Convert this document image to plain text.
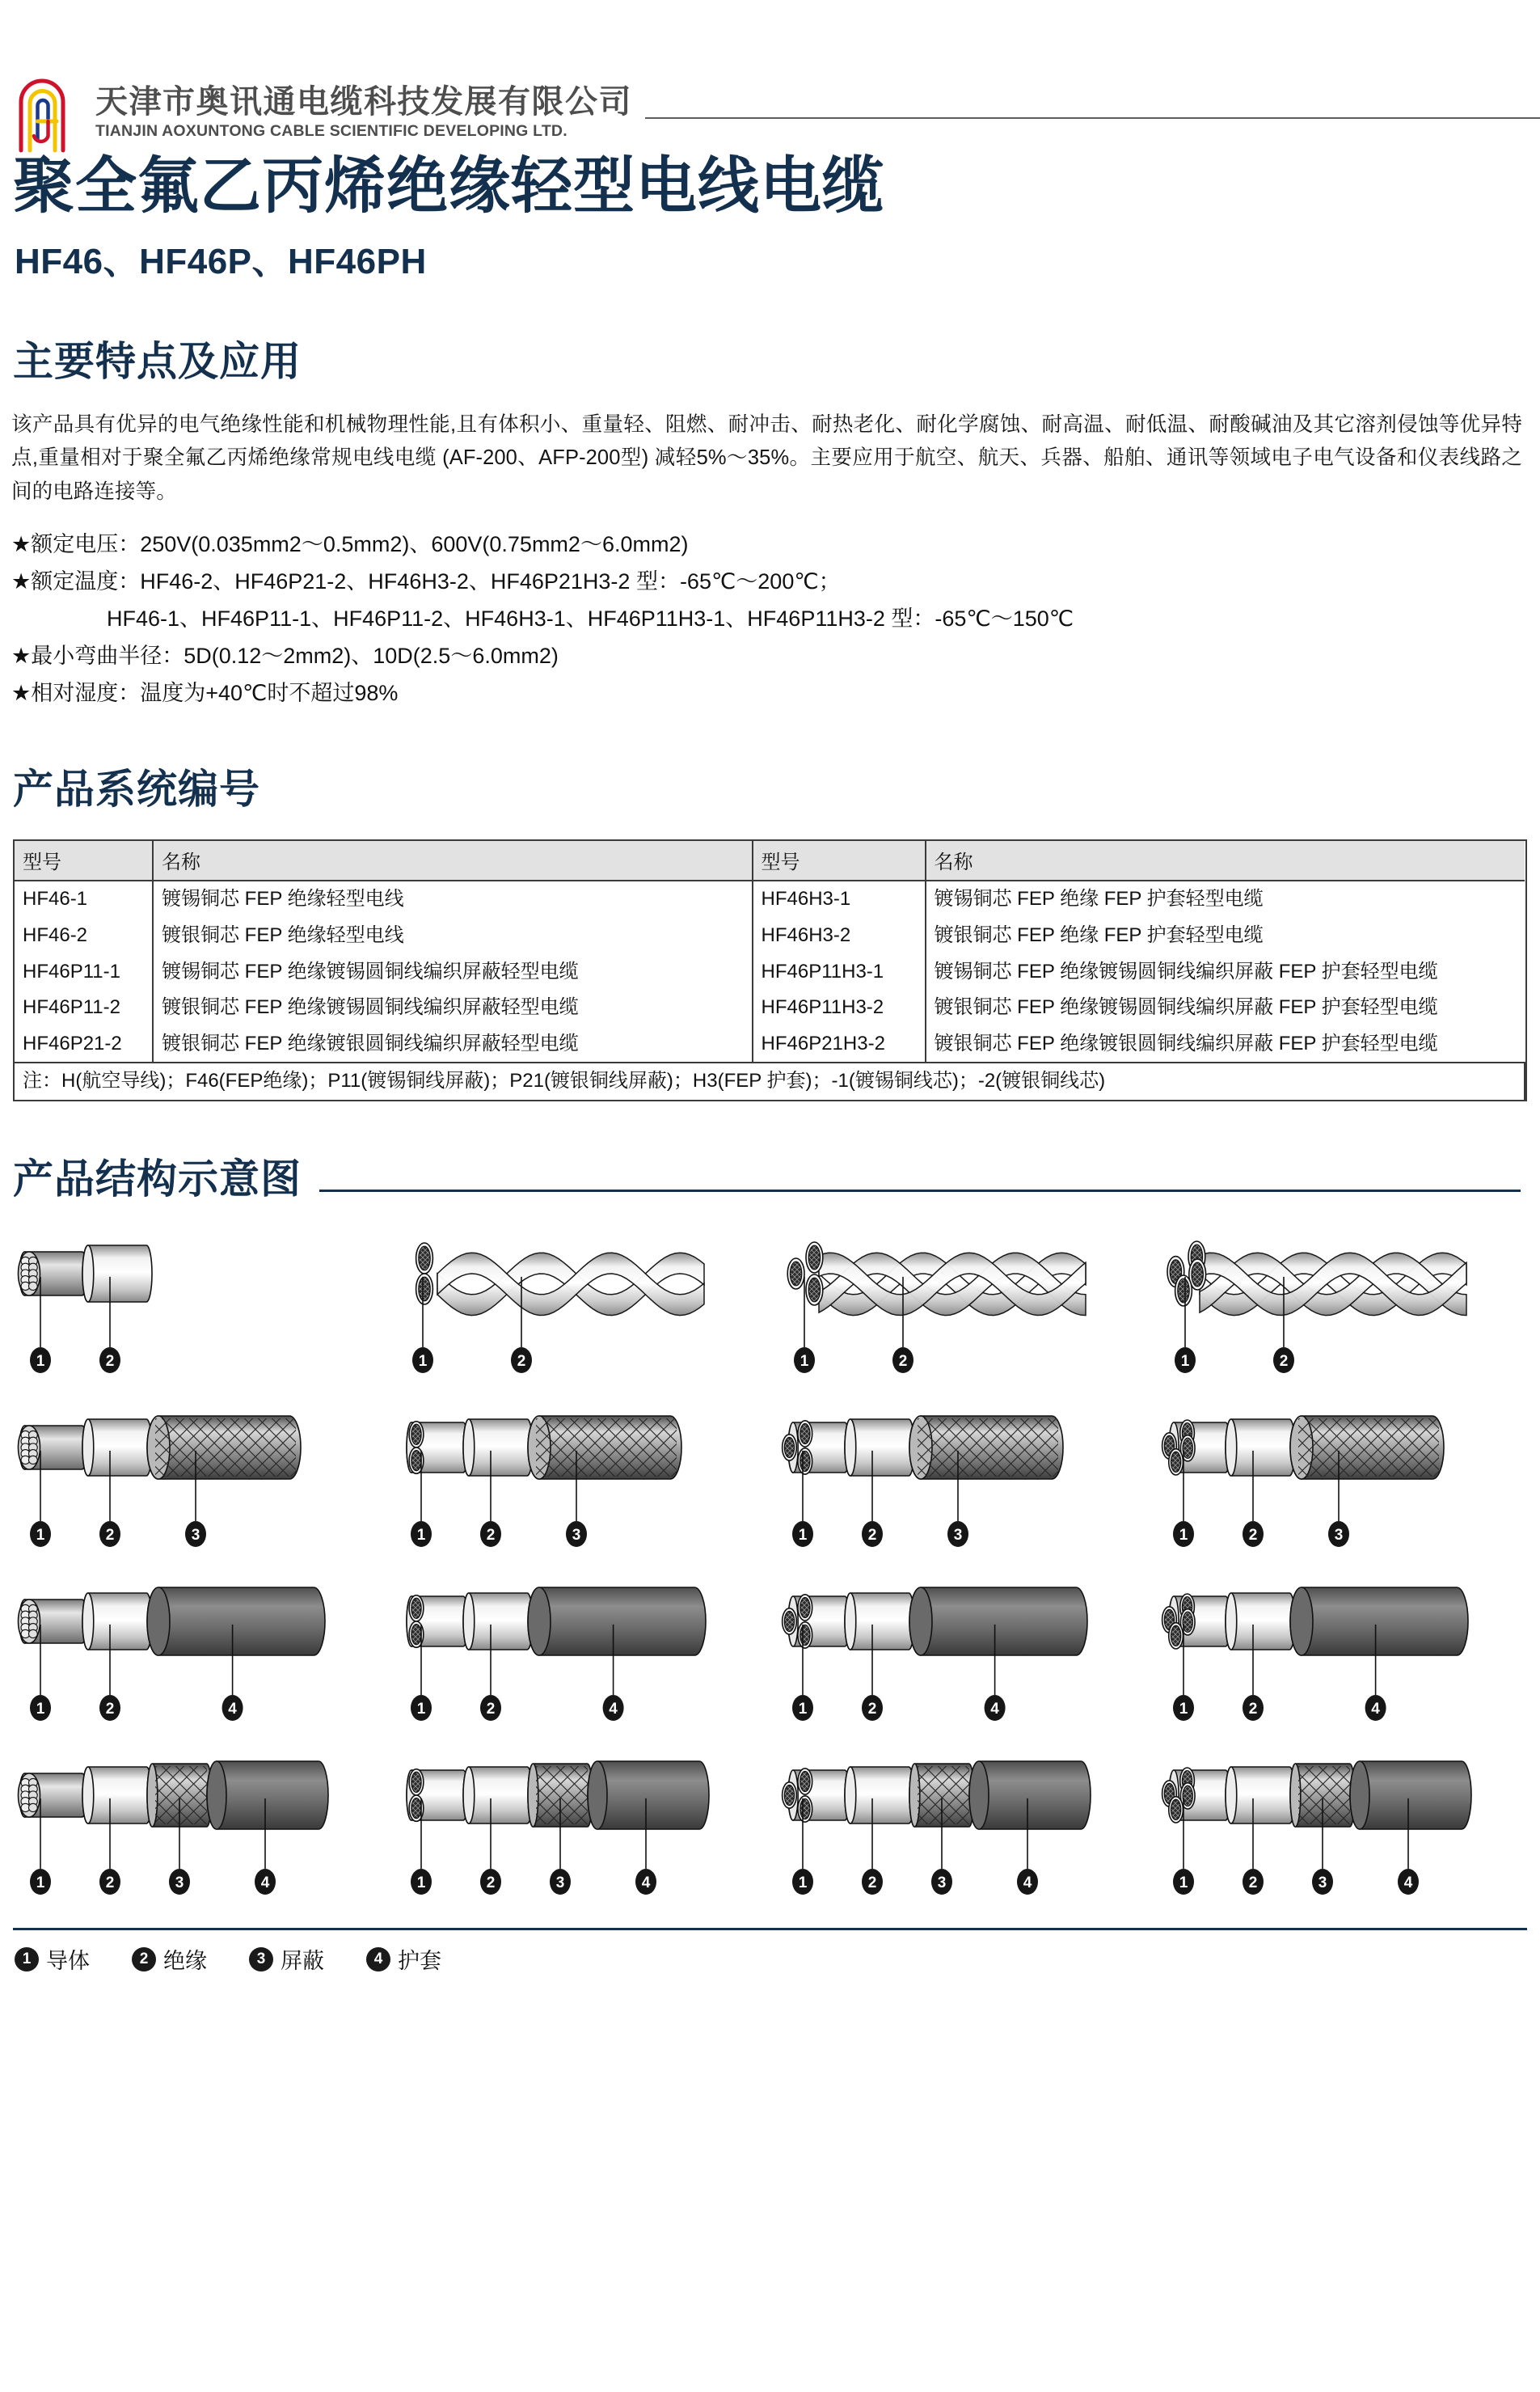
天津市奥讯通电缆科技发展有限公司
TIANJIN AOXUNTONG CABLE SCIENTIFIC DEVELOPING LTD.
聚全氟乙丙烯绝缘轻型电线电缆
HF46、HF46P、HF46PH
主要特点及应用
该产品具有优异的电气绝缘性能和机械物理性能,且有体积小、重量轻、阻燃、耐冲击、耐热老化、耐化学腐蚀、耐高温、耐低温、耐酸碱油及其它溶剂侵蚀等优异特点,重量相对于聚全氟乙丙烯绝缘常规电线电缆 (AF-200、AFP-200型) 减轻5%～35%。主要应用于航空、航天、兵器、船舶、通讯等领域电子电气设备和仪表线路之间的电路连接等。
★额定电压：250V(0.035mm2～0.5mm2)、600V(0.75mm2～6.0mm2)
★额定温度：HF46-2、HF46P21-2、HF46H3-2、HF46P21H3-2 型：-65℃～200℃；
HF46-1、HF46P11-1、HF46P11-2、HF46H3-1、HF46P11H3-1、HF46P11H3-2 型：-65℃～150℃
★最小弯曲半径：5D(0.12～2mm2)、10D(2.5～6.0mm2)
★相对湿度：温度为+40℃时不超过98%
产品系统编号
型号	名称	型号	名称
HF46-1	镀锡铜芯 FEP 绝缘轻型电线	HF46H3-1	镀锡铜芯 FEP 绝缘 FEP 护套轻型电缆
HF46-2	镀银铜芯 FEP 绝缘轻型电线	HF46H3-2	镀银铜芯 FEP 绝缘 FEP 护套轻型电缆
HF46P11-1	镀锡铜芯 FEP 绝缘镀锡圆铜线编织屏蔽轻型电缆	HF46P11H3-1	镀锡铜芯 FEP 绝缘镀锡圆铜线编织屏蔽 FEP 护套轻型电缆
HF46P11-2	镀银铜芯 FEP 绝缘镀锡圆铜线编织屏蔽轻型电缆	HF46P11H3-2	镀银铜芯 FEP 绝缘镀锡圆铜线编织屏蔽 FEP 护套轻型电缆
HF46P21-2	镀银铜芯 FEP 绝缘镀银圆铜线编织屏蔽轻型电缆	HF46P21H3-2	镀银铜芯 FEP 绝缘镀银圆铜线编织屏蔽 FEP 护套轻型电缆
注：H(航空导线)；F46(FEP绝缘)；P11(镀锡铜线屏蔽)；P21(镀银铜线屏蔽)；H3(FEP 护套)；-1(镀锡铜线芯)；-2(镀银铜线芯)			
产品结构示意图
1	2	1	2	1	2	1	2
1	2	3	1	2	3	1	2	3	1	2	3
1	2	4	1	2	4	1	2	4	1	2	4
1	2	3	4	1	2	3	4	1	2	3	4	1	2	3	4
1 导体	2 绝缘	3 屏蔽	4 护套
